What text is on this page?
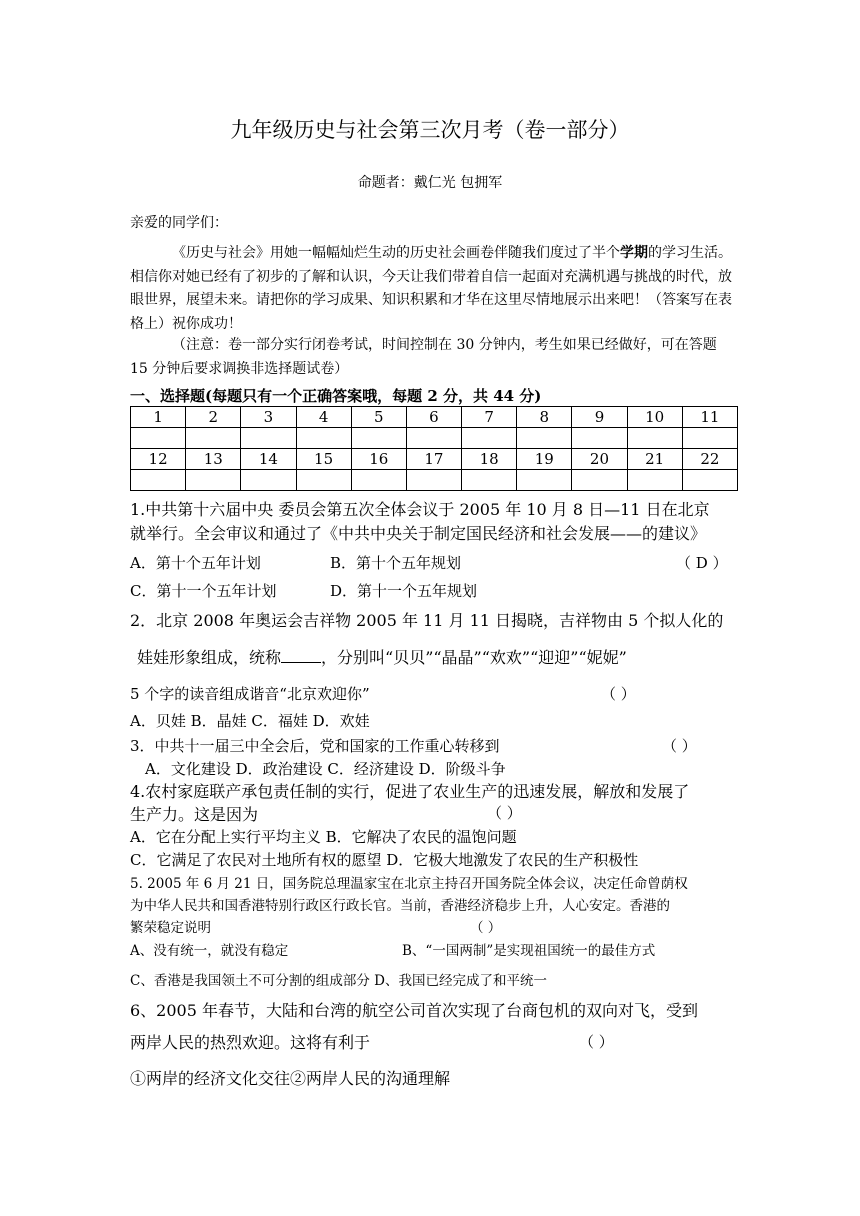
九年级历史与社会第三次月考（卷一部分）
命题者：戴仁光 包拥军
亲爱的同学们：
《历史与社会》用她一幅幅灿烂生动的历史社会画卷伴随我们度过了半个学期的学习生活。相信你对她已经有了初步的了解和认识，今天让我们带着自信一起面对充满机遇与挑战的时代，放眼世界，展望未来。请把你的学习成果、知识积累和才华在这里尽情地展示出来吧！（答案写在表格上）祝你成功！
（注意：卷一部分实行闭卷考试，时间控制在 30 分钟内，考生如果已经做好，可在答题 15 分钟后要求调换非选择题试卷）
一、选择题(每题只有一个正确答案哦，每题 2 分，共 44 分)
1	2	3	4	5	6	7	8	9	10	11

12	13	14	15	16	17	18	19	20	21	22

1.中共第十六届中央 委员会第五次全体会议于 2005 年 10 月 8 日—11 日在北京
就举行。全会审议和通过了《中共中央关于制定国民经济和社会发展——的建议》
A．第十个五年计划	B．第十个五年规划	（ D ）
C．第十一个五年计划	D．第十一个五年规划
2．北京 2008 年奥运会吉祥物 2005 年 11 月 11 日揭晓，吉祥物由 5 个拟人化的
娃娃形象组成，统称	，分别叫“贝贝”“晶晶”“欢欢”“迎迎”“妮妮”
5 个字的读音组成谐音“北京欢迎你”	（ ）
A．贝娃 B．晶娃 C．福娃 D．欢娃
3．中共十一届三中全会后，党和国家的工作重心转移到	（ ）
A．文化建设 D．政治建设 C．经济建设 D．阶级斗争
4.农村家庭联产承包责任制的实行，促进了农业生产的迅速发展，解放和发展了
生产力。这是因为	（ ）
A．它在分配上实行平均主义 B．它解决了农民的温饱问题
C．它满足了农民对土地所有权的愿望 D．它极大地激发了农民的生产积极性
5. 2005 年 6 月 21 日，国务院总理温家宝在北京主持召开国务院全体会议，决定任命曾荫权
为中华人民共和国香港特别行政区行政长官。当前，香港经济稳步上升，人心安定。香港的
繁荣稳定说明	（ ）
A、没有统一，就没有稳定	B、“一国两制”是实现祖国统一的最佳方式
C、香港是我国领土不可分割的组成部分 D、我国已经完成了和平统一
6、2005 年春节，大陆和台湾的航空公司首次实现了台商包机的双向对飞，受到
两岸人民的热烈欢迎。这将有利于	（ ）
①两岸的经济文化交往②两岸人民的沟通理解
